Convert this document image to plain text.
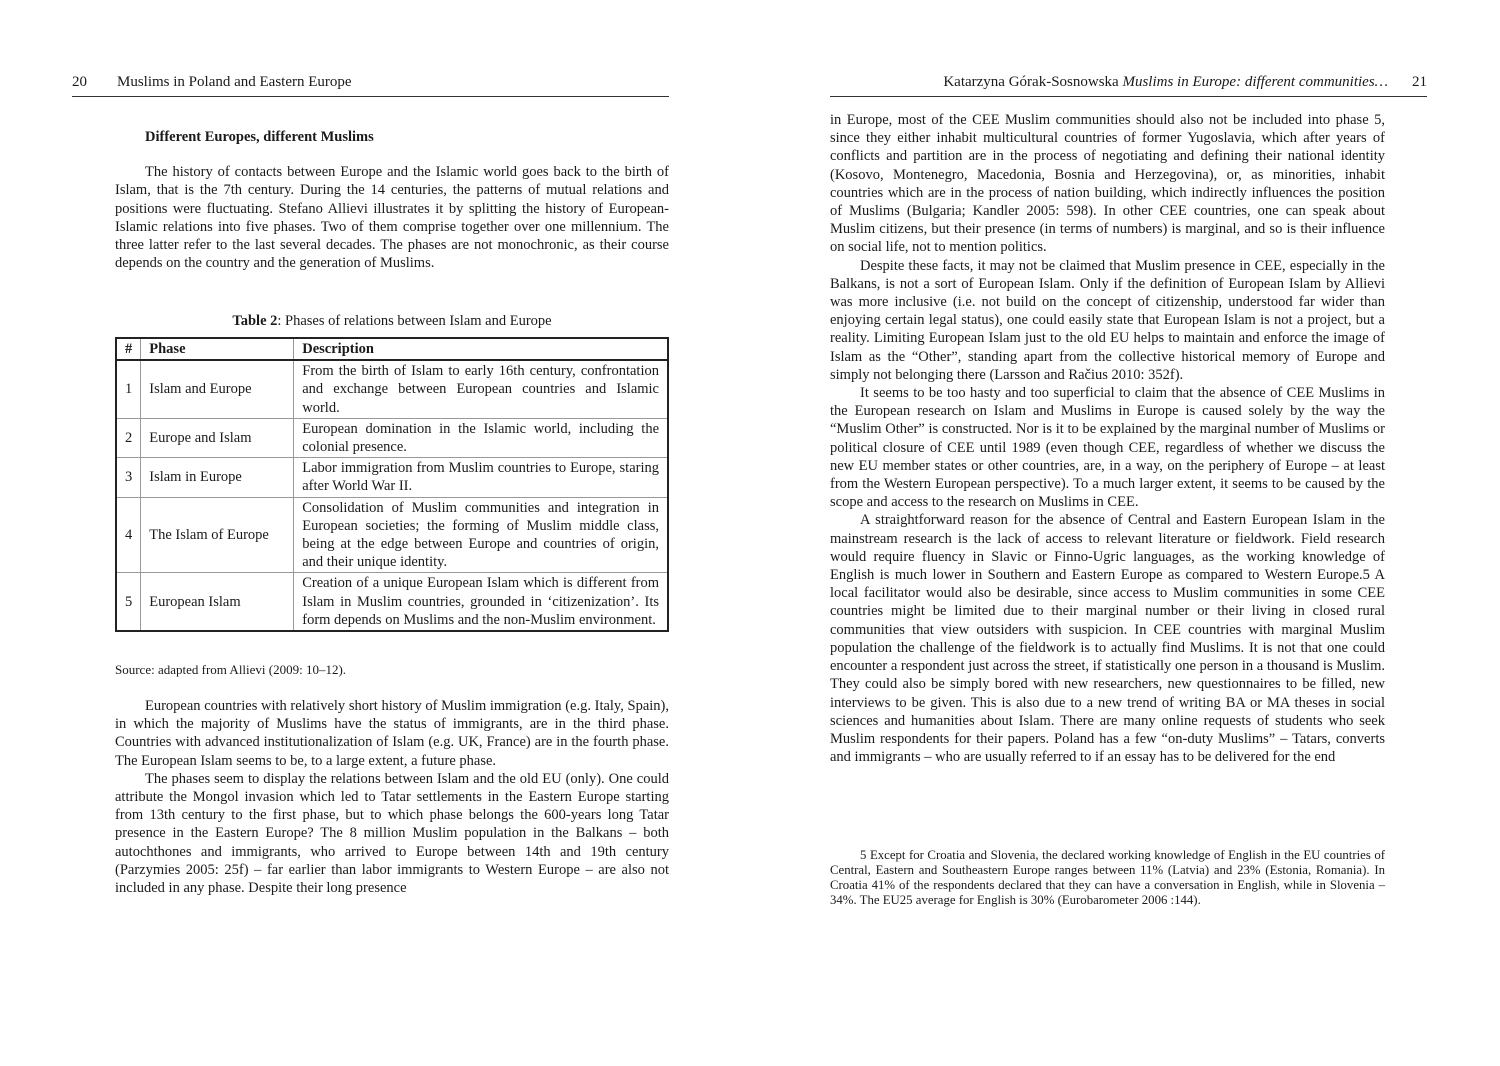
20 Muslims in Poland and Eastern Europe

Different Europes, different Muslims

The history of contacts between Europe and the Islamic world goes back to the birth of Islam, that is the 7th century. During the 14 centuries, the patterns of mutual relations and positions were fluctuating. Stefano Allievi illustrates it by splitting the history of European-Islamic relations into five phases. Two of them comprise together over one millennium. The three latter refer to the last several decades. The phases are not monochronic, as their course depends on the country and the generation of Muslims.

Table 2: Phases of relations between Islam and Europe
#	Phase	Description
1	Islam and Europe	From the birth of Islam to early 16th century, confrontation and exchange between European countries and Islamic world.
2	Europe and Islam	European domination in the Islamic world, including the colonial presence.
3	Islam in Europe	Labor immigration from Muslim countries to Europe, staring after World War II.
4	The Islam of Europe	Consolidation of Muslim communities and integration in European societies; the forming of Muslim middle class, being at the edge between Europe and countries of origin, and their unique identity.
5	European Islam	Creation of a unique European Islam which is different from Islam in Muslim countries, grounded in ‘citizenization’. Its form depends on Muslims and the non-Muslim environment.
Source: adapted from Allievi (2009: 10–12).

European countries with relatively short history of Muslim immigration (e.g. Italy, Spain), in which the majority of Muslims have the status of immigrants, are in the third phase. Countries with advanced institutionalization of Islam (e.g. UK, France) are in the fourth phase. The European Islam seems to be, to a large extent, a future phase.

The phases seem to display the relations between Islam and the old EU (only). One could attribute the Mongol invasion which led to Tatar settlements in the Eastern Europe starting from 13th century to the first phase, but to which phase belongs the 600-years long Tatar presence in the Eastern Europe? The 8 million Muslim population in the Balkans – both autochthones and immigrants, who arrived to Europe between 14th and 19th century (Parzymies 2005: 25f) – far earlier than labor immigrants to Western Europe – are also not included in any phase. Despite their long presence

Katarzyna Górak-Sosnowska Muslims in Europe: different communities… 21

in Europe, most of the CEE Muslim communities should also not be included into phase 5, since they either inhabit multicultural countries of former Yugoslavia, which after years of conflicts and partition are in the process of negotiating and defining their national identity (Kosovo, Montenegro, Macedonia, Bosnia and Herzegovina), or, as minorities, inhabit countries which are in the process of nation building, which indirectly influences the position of Muslims (Bulgaria; Kandler 2005: 598). In other CEE countries, one can speak about Muslim citizens, but their presence (in terms of numbers) is marginal, and so is their influence on social life, not to mention politics.

Despite these facts, it may not be claimed that Muslim presence in CEE, especially in the Balkans, is not a sort of European Islam. Only if the definition of European Islam by Allievi was more inclusive (i.e. not build on the concept of citizenship, understood far wider than enjoying certain legal status), one could easily state that European Islam is not a project, but a reality. Limiting European Islam just to the old EU helps to maintain and enforce the image of Islam as the “Other”, standing apart from the collective historical memory of Europe and simply not belonging there (Larsson and Račius 2010: 352f).

It seems to be too hasty and too superficial to claim that the absence of CEE Muslims in the European research on Islam and Muslims in Europe is caused solely by the way the “Muslim Other” is constructed. Nor is it to be explained by the marginal number of Muslims or political closure of CEE until 1989 (even though CEE, regardless of whether we discuss the new EU member states or other countries, are, in a way, on the periphery of Europe – at least from the Western European perspective). To a much larger extent, it seems to be caused by the scope and access to the research on Muslims in CEE.

A straightforward reason for the absence of Central and Eastern European Islam in the mainstream research is the lack of access to relevant literature or fieldwork. Field research would require fluency in Slavic or Finno-Ugric languages, as the working knowledge of English is much lower in Southern and Eastern Europe as compared to Western Europe.5 A local facilitator would also be desirable, since access to Muslim communities in some CEE countries might be limited due to their marginal number or their living in closed rural communities that view outsiders with suspicion. In CEE countries with marginal Muslim population the challenge of the fieldwork is to actually find Muslims. It is not that one could encounter a respondent just across the street, if statistically one person in a thousand is Muslim. They could also be simply bored with new researchers, new questionnaires to be filled, new interviews to be given. This is also due to a new trend of writing BA or MA theses in social sciences and humanities about Islam. There are many online requests of students who seek Muslim respondents for their papers. Poland has a few “on-duty Muslims” – Tatars, converts and immigrants – who are usually referred to if an essay has to be delivered for the end

5 Except for Croatia and Slovenia, the declared working knowledge of English in the EU countries of Central, Eastern and Southeastern Europe ranges between 11% (Latvia) and 23% (Estonia, Romania). In Croatia 41% of the respondents declared that they can have a conversation in English, while in Slovenia – 34%. The EU25 average for English is 30% (Eurobarometer 2006 :144).
